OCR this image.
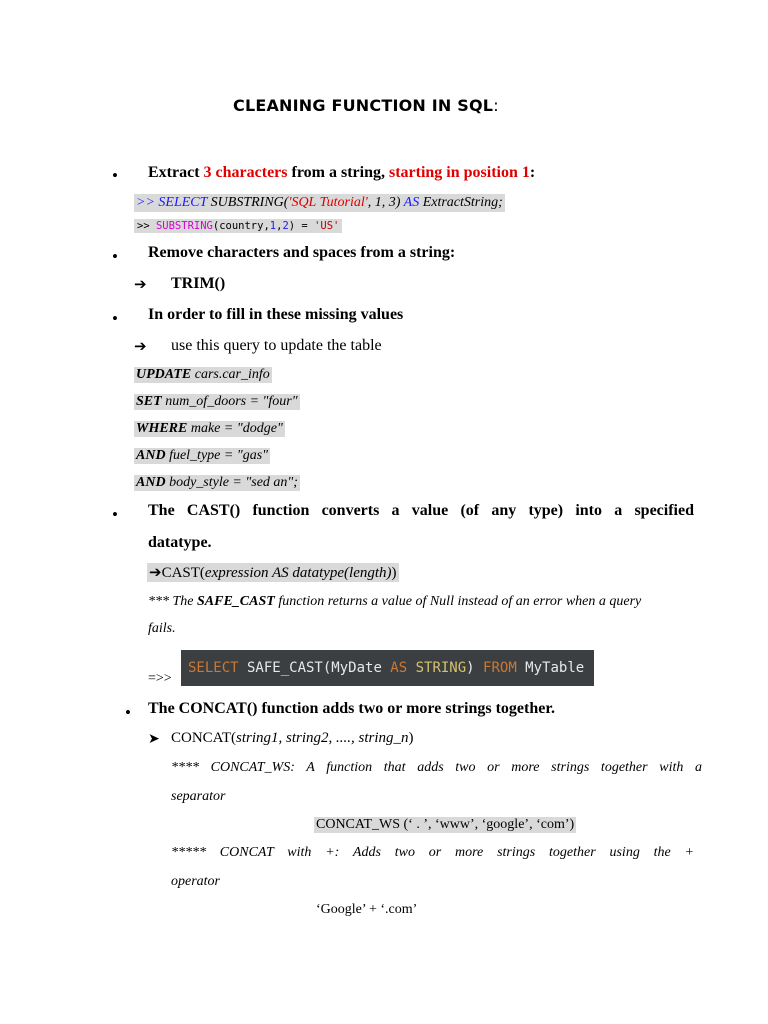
CLEANING FUNCTION IN SQL:
• Extract 3 characters from a string, starting in position 1:
>> SELECT SUBSTRING('SQL Tutorial', 1, 3) AS ExtractString;
>> SUBSTRING(country,1,2) = 'US'
• Remove characters and spaces from a string:
➔ TRIM()
• In order to fill in these missing values
➔ use this query to update the table
UPDATE cars.car_info
SET num_of_doors = "four"
WHERE make = "dodge"
AND fuel_type = "gas"
AND body_style = "sed an";
• The CAST() function converts a value (of any type) into a specified
datatype.
➔CAST(expression AS datatype(length))
*** The SAFE_CAST function returns a value of Null instead of an error when a query
fails.
=>>
SELECT SAFE_CAST(MyDate AS STRING) FROM MyTable
• The CONCAT() function adds two or more strings together.
➤ CONCAT(string1, string2, ...., string_n)
**** CONCAT_WS: A function that adds two or more strings together with a
separator
CONCAT_WS (‘ . ’, ‘www’, ‘google’, ‘com’)
***** CONCAT with +: Adds two or more strings together using the +
operator
‘Google’ + ‘.com’
